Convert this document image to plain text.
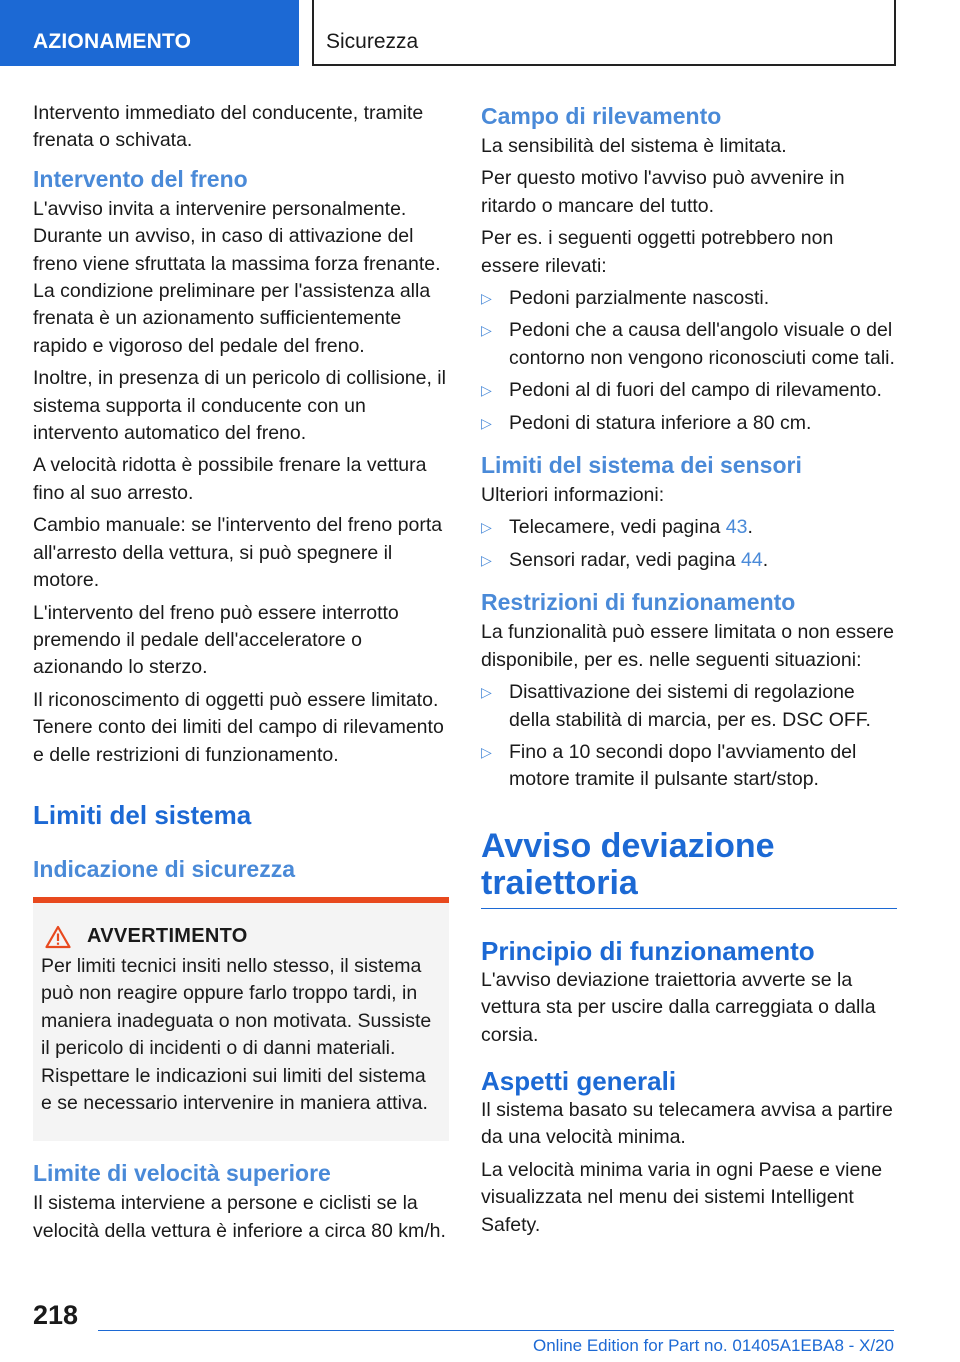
AZIONAMENTO	Sicurezza

Intervento immediato del conducente, tramite frenata o schivata.

Intervento del freno

L'avviso invita a intervenire personalmente. Durante un avviso, in caso di attivazione del freno viene sfruttata la massima forza frenante. La condizione preliminare per l'assistenza alla frenata è un azionamento sufficientemente rapido e vigoroso del pedale del freno.

Inoltre, in presenza di un pericolo di collisione, il sistema supporta il conducente con un intervento automatico del freno.

A velocità ridotta è possibile frenare la vettura fino al suo arresto.

Cambio manuale: se l'intervento del freno porta all'arresto della vettura, si può spegnere il motore.

L'intervento del freno può essere interrotto premendo il pedale dell'acceleratore o azionando lo sterzo.

Il riconoscimento di oggetti può essere limitato. Tenere conto dei limiti del campo di rilevamento e delle restrizioni di funzionamento.

Limiti del sistema
Indicazione di sicurezza
AVVERTIMENTO

Per limiti tecnici insiti nello stesso, il sistema può non reagire oppure farlo troppo tardi, in maniera inadeguata o non motivata. Sussiste il pericolo di incidenti o di danni materiali. Rispettare le indicazioni sui limiti del sistema e se necessario intervenire in maniera attiva.

Limite di velocità superiore

Il sistema interviene a persone e ciclisti se la velocità della vettura è inferiore a circa 80 km/h.

Campo di rilevamento

La sensibilità del sistema è limitata.

Per questo motivo l'avviso può avvenire in ritardo o mancare del tutto.

Per es. i seguenti oggetti potrebbero non essere rilevati:

▷ Pedoni parzialmente nascosti.
▷ Pedoni che a causa dell'angolo visuale o del contorno non vengono riconosciuti come tali.
▷ Pedoni al di fuori del campo di rilevamento.
▷ Pedoni di statura inferiore a 80 cm.
Limiti del sistema dei sensori

Ulteriori informazioni:

▷ Telecamere, vedi pagina 43.
▷ Sensori radar, vedi pagina 44.
Restrizioni di funzionamento

La funzionalità può essere limitata o non essere disponibile, per es. nelle seguenti situazioni:

▷ Disattivazione dei sistemi di regolazione della stabilità di marcia, per es. DSC OFF.
▷ Fino a 10 secondi dopo l'avviamento del motore tramite il pulsante start/stop.
Avviso deviazione traiettoria
Principio di funzionamento

L'avviso deviazione traiettoria avverte se la vettura sta per uscire dalla carreggiata o dalla corsia.

Aspetti generali

Il sistema basato su telecamera avvisa a partire da una velocità minima.

La velocità minima varia in ogni Paese e viene visualizzata nel menu dei sistemi Intelligent Safety.

218
Online Edition for Part no. 01405A1EBA8 - X/20
